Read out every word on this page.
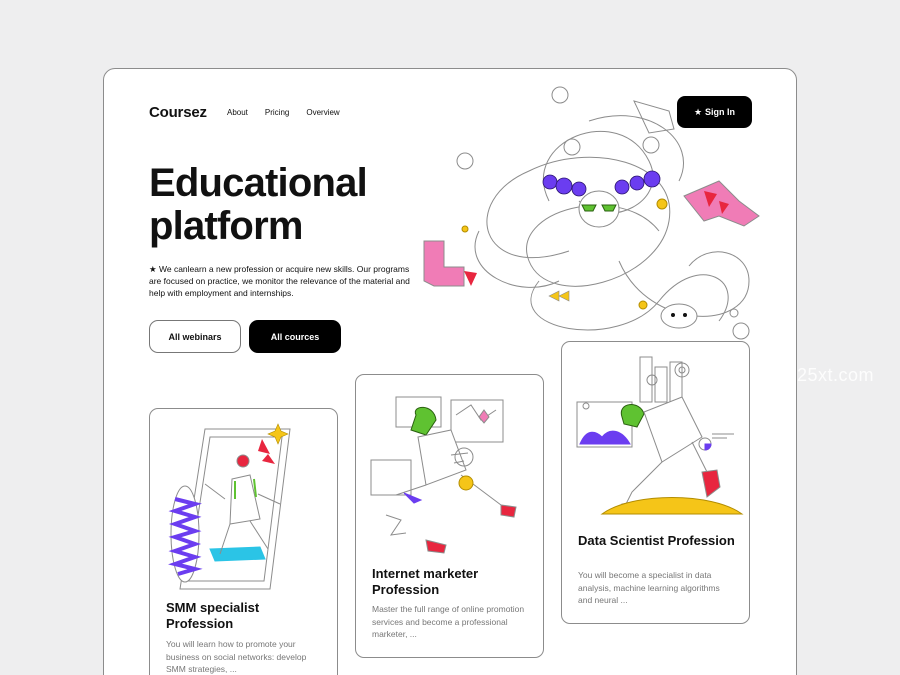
Coursez	About Pricing Overview	★ Sign In
Educational
platform

★ We canlearn a new profession or acquire new skills. Our programs are focused on practice, we monitor the relevance of the material and help with employment and internships.

All webinars	All cources
SMM specialist Profession
You will learn how to promote your business on social networks: develop SMM strategies, ...
Internet marketer Profession
Master the full range of online promotion services and become a professional marketer, ...
Data Scientist Profession
You will become a specialist in data analysis, machine learning algorithms and neural ...
25xt.com
